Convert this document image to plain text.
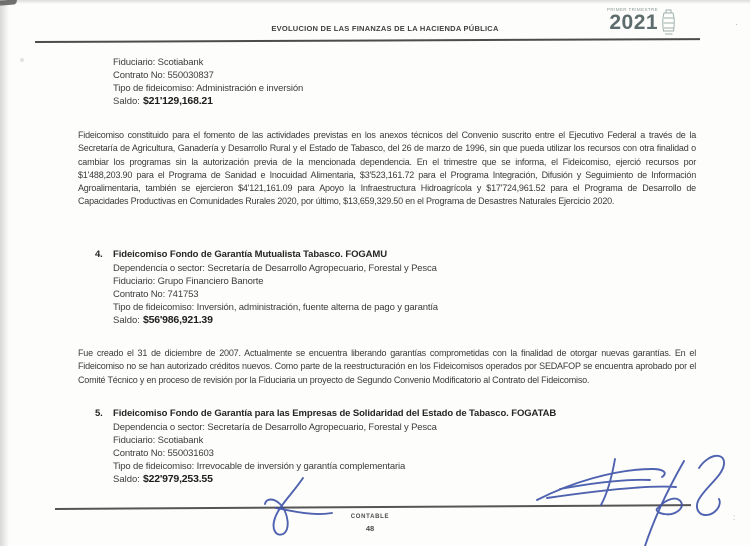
·
:
EVOLUCION DE LAS FINANZAS DE LA HACIENDA PÚBLICA
PRIMER TRIMESTRE
2021
Fiduciario: Scotiabank
Contrato No: 550030837
Tipo de fideicomiso: Administración e inversión
Saldo: $21'129,168.21

Fideicomiso constituido para el fomento de las actividades previstas en los anexos técnicos del Convenio suscrito entre el Ejecutivo Federal a través de la Secretaría de Agricultura, Ganadería y Desarrollo Rural y el Estado de Tabasco, del 26 de marzo de 1996, sin que pueda utilizar los recursos con otra finalidad o cambiar los programas sin la autorización previa de la mencionada dependencia. En el trimestre que se informa, el Fideicomiso, ejerció recursos por $1'488,203.90 para el Programa de Sanidad e Inocuidad Alimentaria, $3'523,161.72 para el Programa Integración, Difusión y Seguimiento de Información Agroalimentaria, también se ejercieron $4'121,161.09 para Apoyo la Infraestructura Hidroagrícola y $17'724,961.52 para el Programa de Desarrollo de Capacidades Productivas en Comunidades Rurales 2020, por último, $13,659,329.50 en el Programa de Desastres Naturales Ejercicio 2020.

4.	Fideicomiso Fondo de Garantía Mutualista Tabasco. FOGAMU
Dependencia o sector: Secretaría de Desarrollo Agropecuario, Forestal y Pesca
Fiduciario: Grupo Financiero Banorte
Contrato No: 741753
Tipo de fideicomiso: Inversión, administración, fuente alterna de pago y garantía
Saldo: $56'986,921.39

Fue creado el 31 de diciembre de 2007. Actualmente se encuentra liberando garantías comprometidas con la finalidad de otorgar nuevas garantías. En el Fideicomiso no se han autorizado créditos nuevos. Como parte de la reestructuración en los Fideicomisos operados por SEDAFOP se encuentra aprobado por el Comité Técnico y en proceso de revisión por la Fiduciaria un proyecto de Segundo Convenio Modificatorio al Contrato del Fideicomiso.

5.	Fideicomiso Fondo de Garantía para las Empresas de Solidaridad del Estado de Tabasco. FOGATAB
Dependencia o sector: Secretaría de Desarrollo Agropecuario, Forestal y Pesca
Fiduciario: Scotiabank
Contrato No: 550031603
Tipo de fideicomiso: Irrevocable de inversión y garantía complementaria
Saldo: $22'979,253.55
CONTABLE
48
